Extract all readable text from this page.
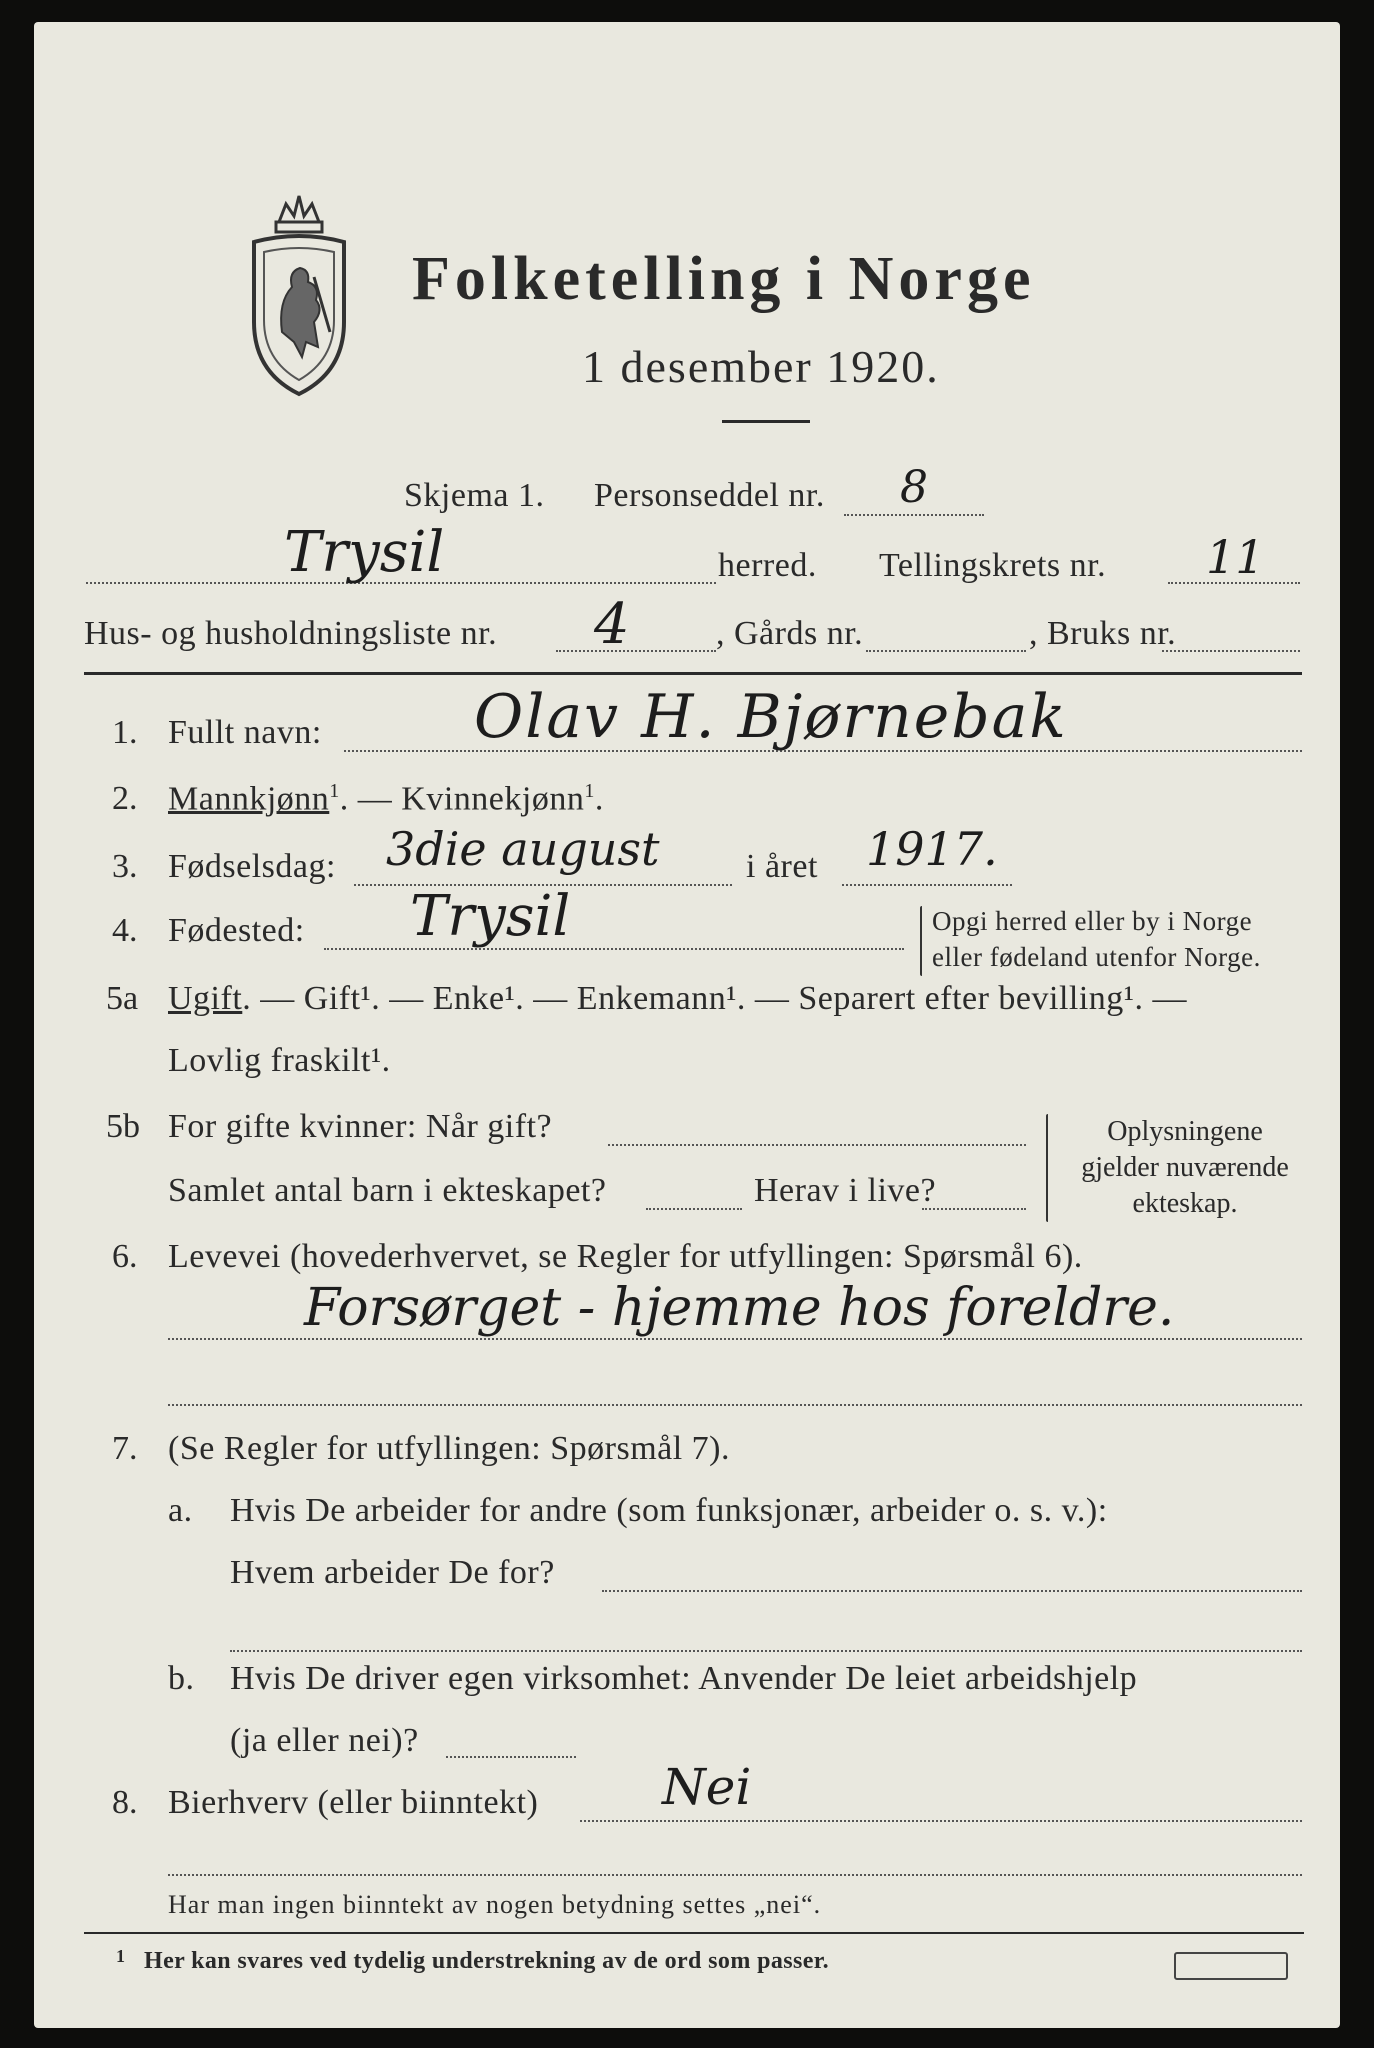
Folketelling i Norge
1 desember 1920.
Skjema 1. Personseddel nr. 8
Trysil	herred. Tellingskrets nr. 11
Hus- og husholdningsliste nr. 4	, Gårds nr.	, Bruks nr.
1. Fullt navn:	Olav H. Bjørnebak
2. Mannkjønn$^1$. — Kvinnekjønn$^1$.
3. Fødselsdag: 3die august	i året 1917.
4. Fødested: Trysil	Opgi herred eller by i Norge
eller fødeland utenfor Norge.
5a Ugift. — Gift¹. — Enke¹. — Enkemann¹. — Separert efter bevilling¹. —
Lovlig fraskilt¹.
5b For gifte kvinner: Når gift?
Samlet antal barn i ekteskapet?	Herav i live?
Oplysningene
gjelder nuværende
ekteskap.
6. Levevei (hovederhvervet, se Regler for utfyllingen: Spørsmål 6).
Forsørget - hjemme hos foreldre.
7. (Se Regler for utfyllingen: Spørsmål 7).
a. Hvis De arbeider for andre (som funksjonær, arbeider o. s. v.):
Hvem arbeider De for?
b. Hvis De driver egen virksomhet: Anvender De leiet arbeidshjelp
(ja eller nei)?
8. Bierhverv (eller biinntekt) Nei
Har man ingen biinntekt av nogen betydning settes „nei“.
1 Her kan svares ved tydelig understrekning av de ord som passer.
